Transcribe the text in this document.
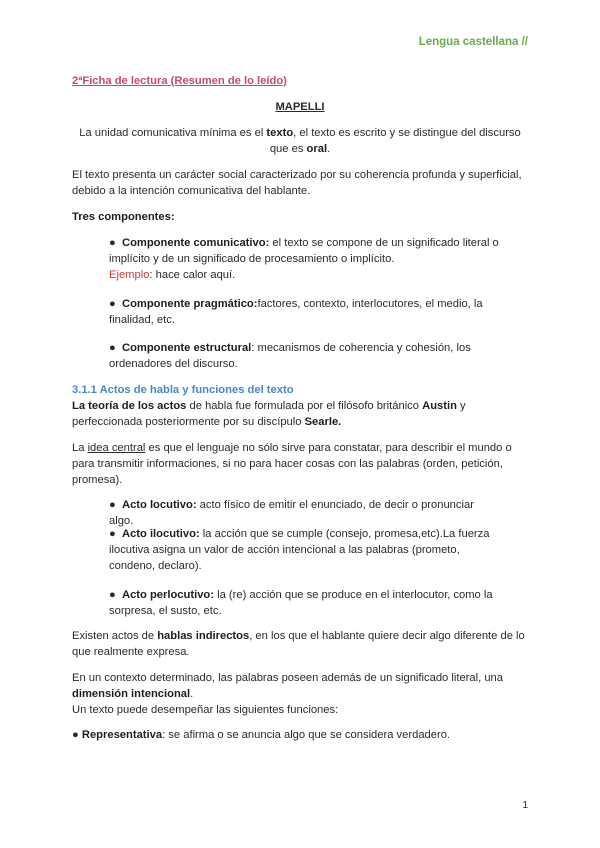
Lengua castellana //
2ªFicha de lectura (Resumen de lo leído)
MAPELLI
La unidad comunicativa mínima es el texto, el texto es escrito y se distingue del discurso que es oral.
El texto presenta un carácter social caracterizado por su coherencia profunda y superficial, debido a la intención comunicativa del hablante.
Tres componentes:
● Componente comunicativo: el texto se compone de un significado literal o implícito y de un significado de procesamiento o implícito.
Ejemplo: hace calor aquí.
● Componente pragmático:factores, contexto, interlocutores, el medio, la finalidad, etc.
● Componente estructural: mecanismos de coherencia y cohesión, los ordenadores del discurso.
3.1.1 Actos de habla y funciones del texto
La teoría de los actos de habla fue formulada por el filósofo británico Austin y perfeccionada posteriormente por su discípulo Searle.
La idea central es que el lenguaje no sólo sirve para constatar, para describir el mundo o para transmitir informaciones, si no para hacer cosas con las palabras (orden, petición, promesa).
● Acto locutivo: acto físico de emitir el enunciado, de decir o pronunciar algo.
● Acto ilocutivo: la acción que se cumple (consejo, promesa,etc).La fuerza ilocutiva asigna un valor de acción intencional a las palabras (prometo, condeno, declaro).
● Acto perlocutivo: la (re) acción que se produce en el interlocutor, como la sorpresa, el susto, etc.
Existen actos de hablas indirectos, en los que el hablante quiere decir algo diferente de lo que realmente expresa.
En un contexto determinado, las palabras poseen además de un significado literal, una dimensión intencional.
Un texto puede desempeñar las siguientes funciones:
● Representativa: se afirma o se anuncia algo que se considera verdadero.
1
